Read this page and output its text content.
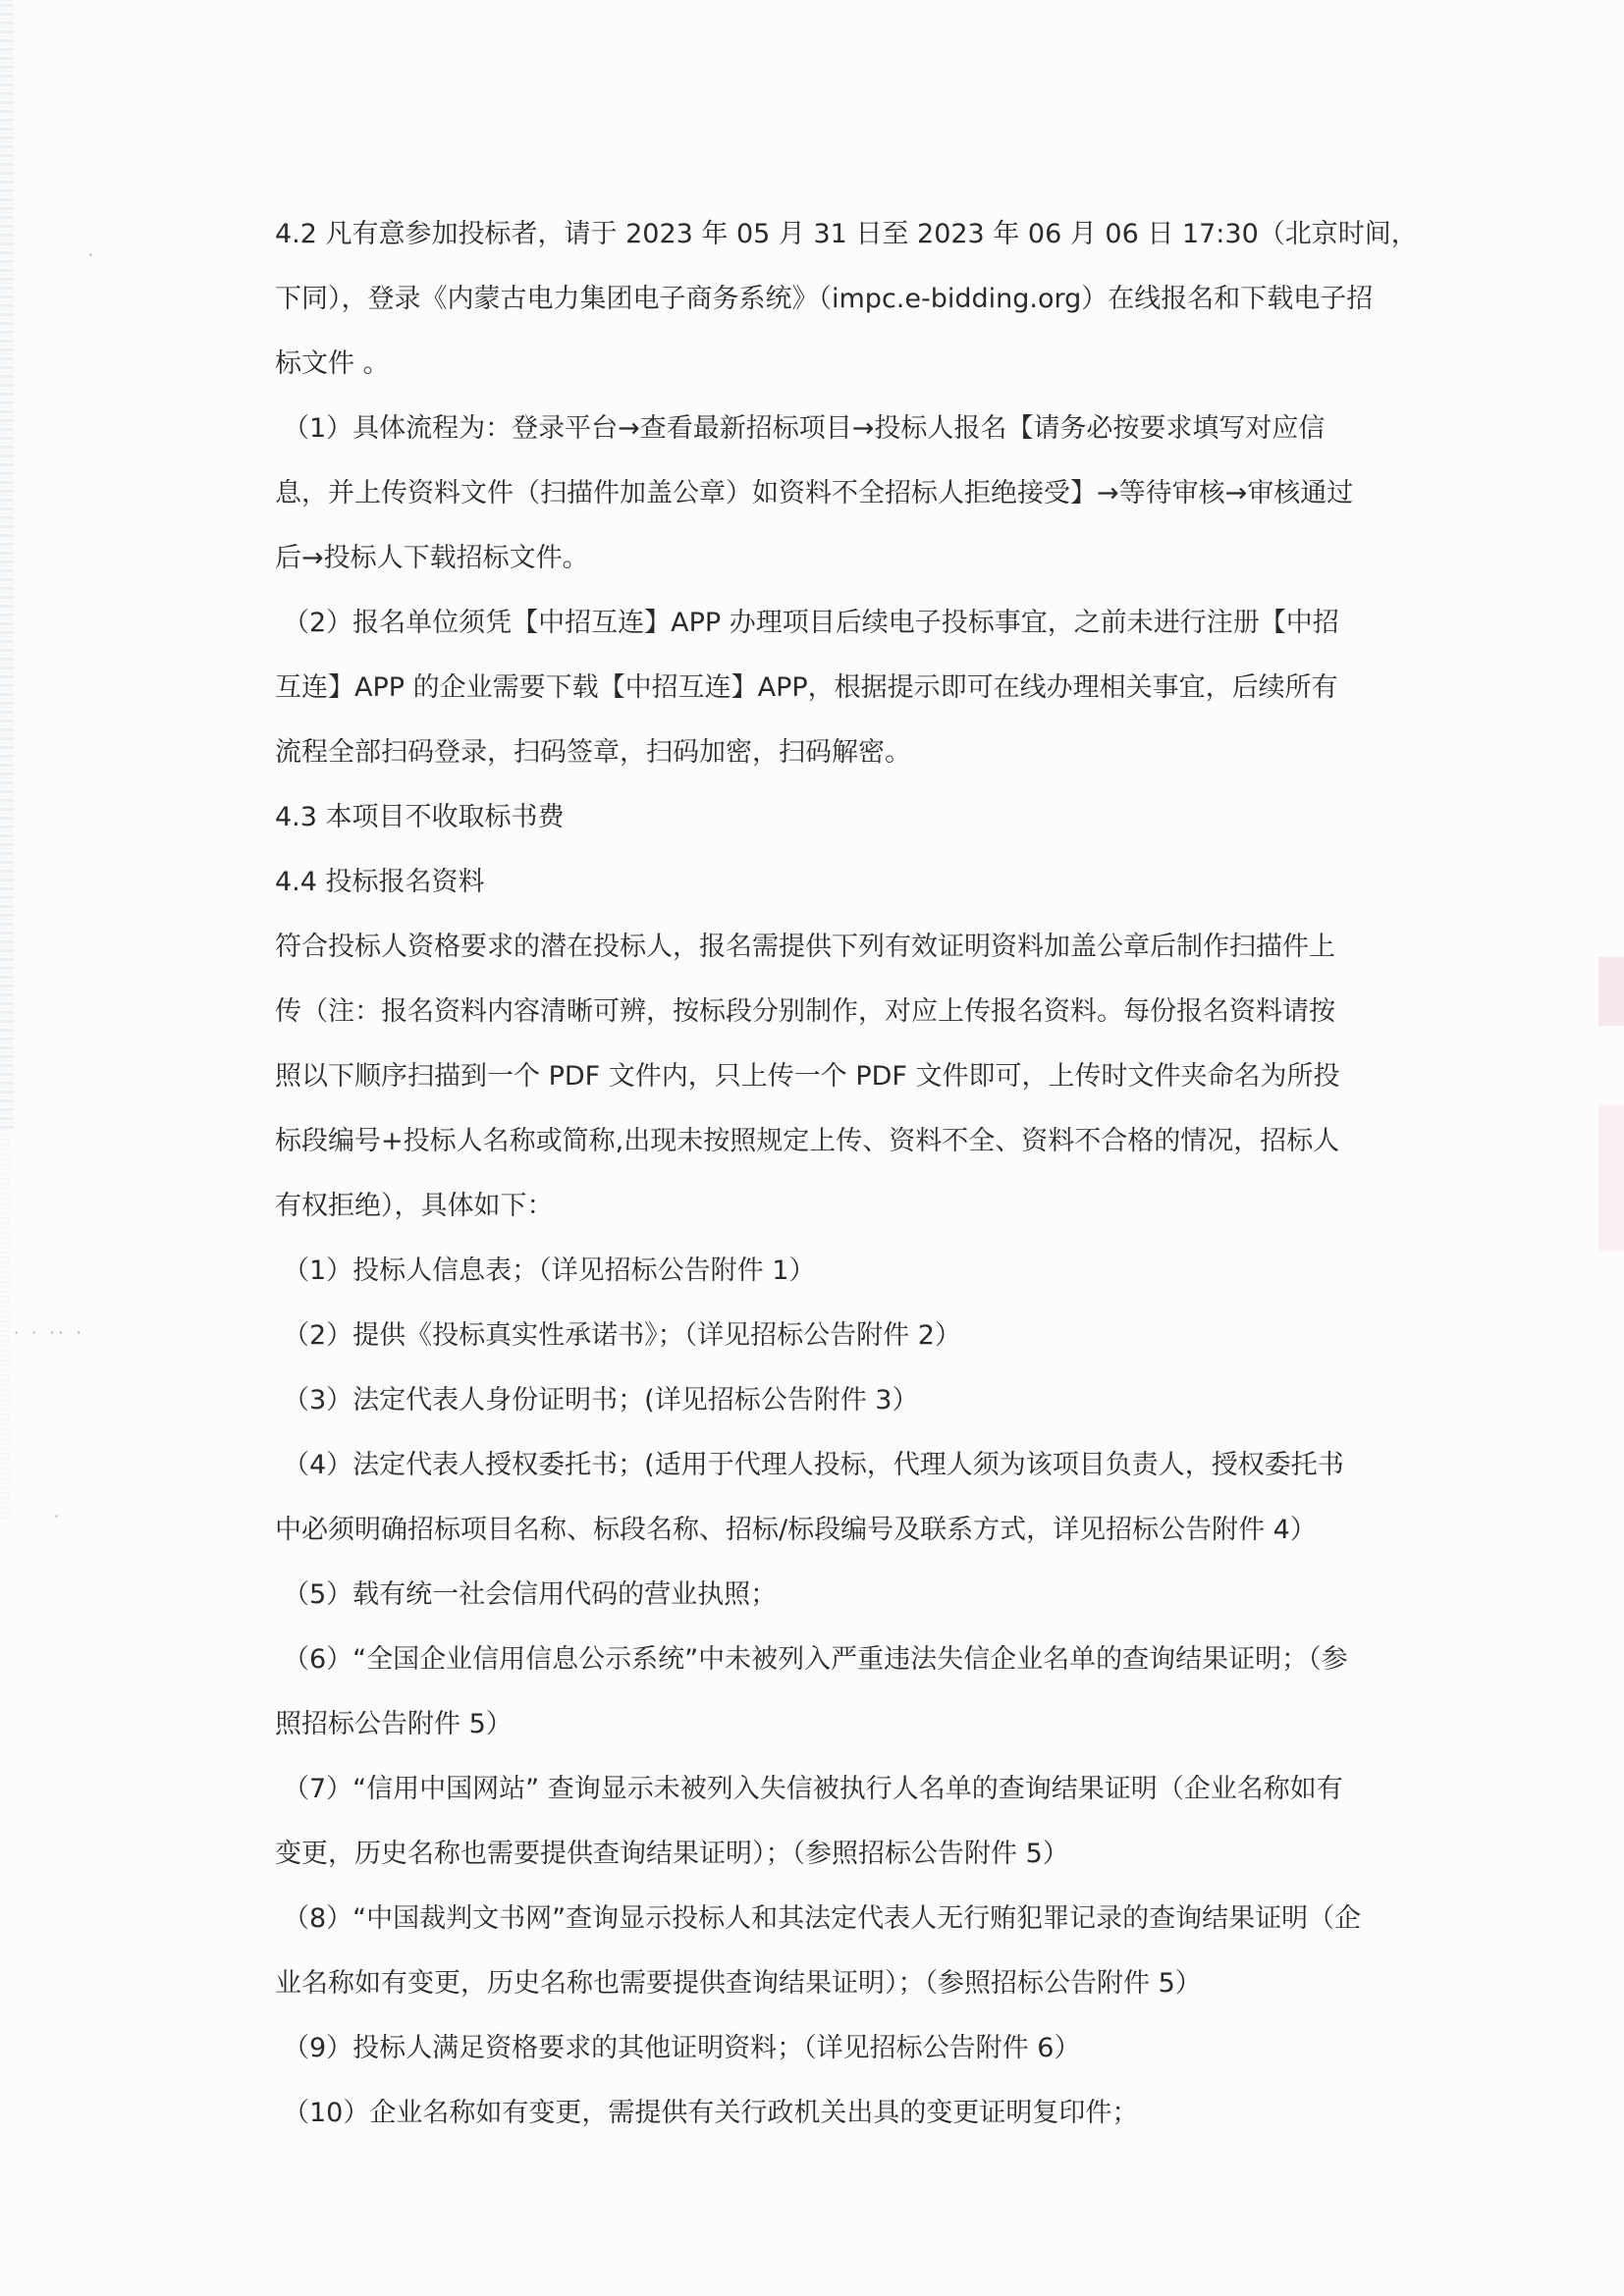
· · ·· ·
·
·

4.2 凡有意参加投标者，请于 2023 年 05 月 31 日至 2023 年 06 月 06 日 17:30（北京时间，

下同），登录《内蒙古电力集团电子商务系统》（impc.e-bidding.org）在线报名和下载电子招

标文件 。

（1）具体流程为：登录平台→查看最新招标项目→投标人报名【请务必按要求填写对应信

息，并上传资料文件（扫描件加盖公章）如资料不全招标人拒绝接受】→等待审核→审核通过

后→投标人下载招标文件。

（2）报名单位须凭【中招互连】APP 办理项目后续电子投标事宜，之前未进行注册【中招

互连】APP 的企业需要下载【中招互连】APP，根据提示即可在线办理相关事宜，后续所有

流程全部扫码登录，扫码签章，扫码加密，扫码解密。

4.3 本项目不收取标书费

4.4 投标报名资料

符合投标人资格要求的潜在投标人，报名需提供下列有效证明资料加盖公章后制作扫描件上

传（注：报名资料内容清晰可辨，按标段分别制作，对应上传报名资料。每份报名资料请按

照以下顺序扫描到一个 PDF 文件内，只上传一个 PDF 文件即可，上传时文件夹命名为所投

标段编号+投标人名称或简称,出现未按照规定上传、资料不全、资料不合格的情况，招标人

有权拒绝），具体如下：

（1）投标人信息表；（详见招标公告附件 1）

（2）提供《投标真实性承诺书》；（详见招标公告附件 2）

（3）法定代表人身份证明书；(详见招标公告附件 3）

（4）法定代表人授权委托书；(适用于代理人投标，代理人须为该项目负责人，授权委托书

中必须明确招标项目名称、标段名称、招标/标段编号及联系方式，详见招标公告附件 4）

（5）载有统一社会信用代码的营业执照；

（6）“全国企业信用信息公示系统”中未被列入严重违法失信企业名单的查询结果证明；（参

照招标公告附件 5）

（7）“信用中国网站” 查询显示未被列入失信被执行人名单的查询结果证明（企业名称如有

变更，历史名称也需要提供查询结果证明）；（参照招标公告附件 5）

（8）“中国裁判文书网”查询显示投标人和其法定代表人无行贿犯罪记录的查询结果证明（企

业名称如有变更，历史名称也需要提供查询结果证明）；（参照招标公告附件 5）

（9）投标人满足资格要求的其他证明资料；（详见招标公告附件 6）

（10）企业名称如有变更，需提供有关行政机关出具的变更证明复印件；
